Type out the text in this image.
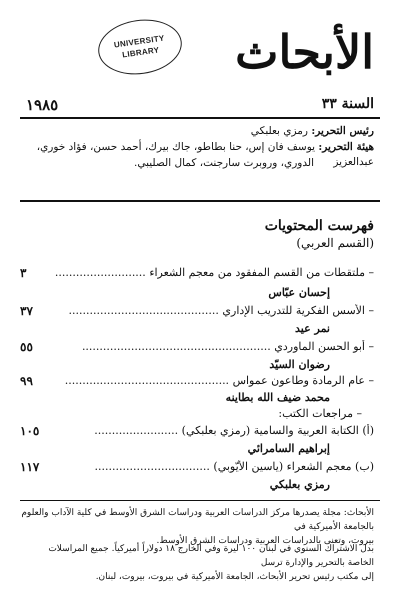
UNIVERSITY
LIBRARY الأبحاث
١٩٨٥	السنة ٣٣
رئيس التحرير: رمزي بعلبكي
هيئة التحرير: يوسف فان إس، حنا بطاطو، جاك بيرك، أحمد حسن، فؤاد خوري، عبدالعزيز
الدوري، وروبرت سارجنت، كمال الصليبي.
فهرست المحتويات
(القسم العربي)
٣	– ملتقطات من القسم المفقود من معجم الشعراء ..........................
إحسان عبّاس
٣٧	– الأسس الفكرية للتدريب الإداري ...........................................
نمر عيد
٥٥	– أبو الحسن الماوردي ......................................................
رضوان السيّد
٩٩	– عام الرمادة وطاعون عمواس ...............................................
محمد ضيف الله بطاينه
– مراجعات الكتب:
١٠٥	(أ) الكتابة العربية والسامية (رمزي بعلبكي) ........................
إبراهيم السامرائي
١١٧	(ب) معجم الشعراء (ياسين الأيّوبي) .................................
رمزي بعلبكي
الأبحاث: مجلة يصدرها مركز الدراسات العربية ودراسات الشرق الأوسط في كلية الآداب والعلوم بالجامعة الأميركية في
بيروت، وتعنى بالدراسات العربية ودراسات الشرق الأوسط.
بدل الاشتراك السنوي في لبنان ١٠٠ ليرة وفي الخارج ١٨ دولاراً أميركياً. جميع المراسلات الخاصة بالتحرير والإدارة ترسل
إلى مكتب رئيس تحرير الأبحاث، الجامعة الأميركية في بيروت، بيروت، لبنان.
